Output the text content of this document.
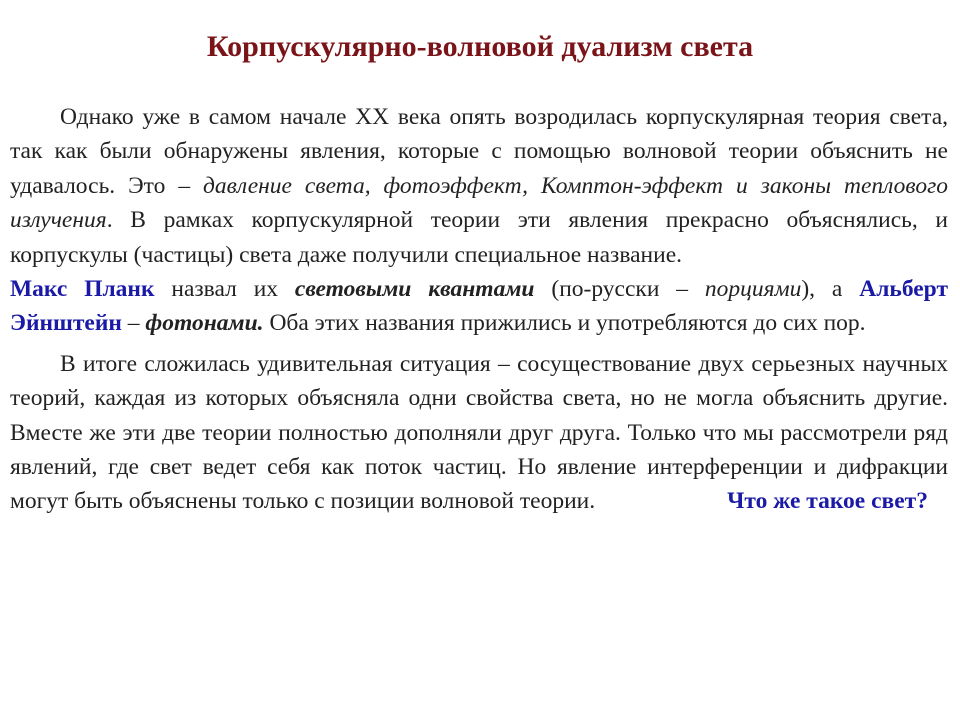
Корпускулярно-волновой дуализм света

Однако уже в самом начале XX века опять возродилась корпускулярная теория света, так как были обнаружены явления, которые с помощью волновой теории объяснить не удавалось. Это – давление света, фотоэффект, Комптон-эффект и законы теплового излучения. В рамках корпускулярной теории эти явления прекрасно объяснялись, и корпускулы (частицы) света даже получили специальное название.
Макс Планк назвал их световыми квантами (по-русски – порциями), а Альберт Эйнштейн – фотонами. Оба этих названия прижились и употребляются до сих пор.

В итоге сложилась удивительная ситуация – сосуществование двух серьезных научных теорий, каждая из которых объясняла одни свойства света, но не могла объяснить другие. Вместе же эти две теории полностью дополняли друг друга. Только что мы рассмотрели ряд явлений, где свет ведет себя как поток частиц. Но явление интерференции и дифракции могут быть объяснены только с позиции волновой теории.	Что же такое свет?
